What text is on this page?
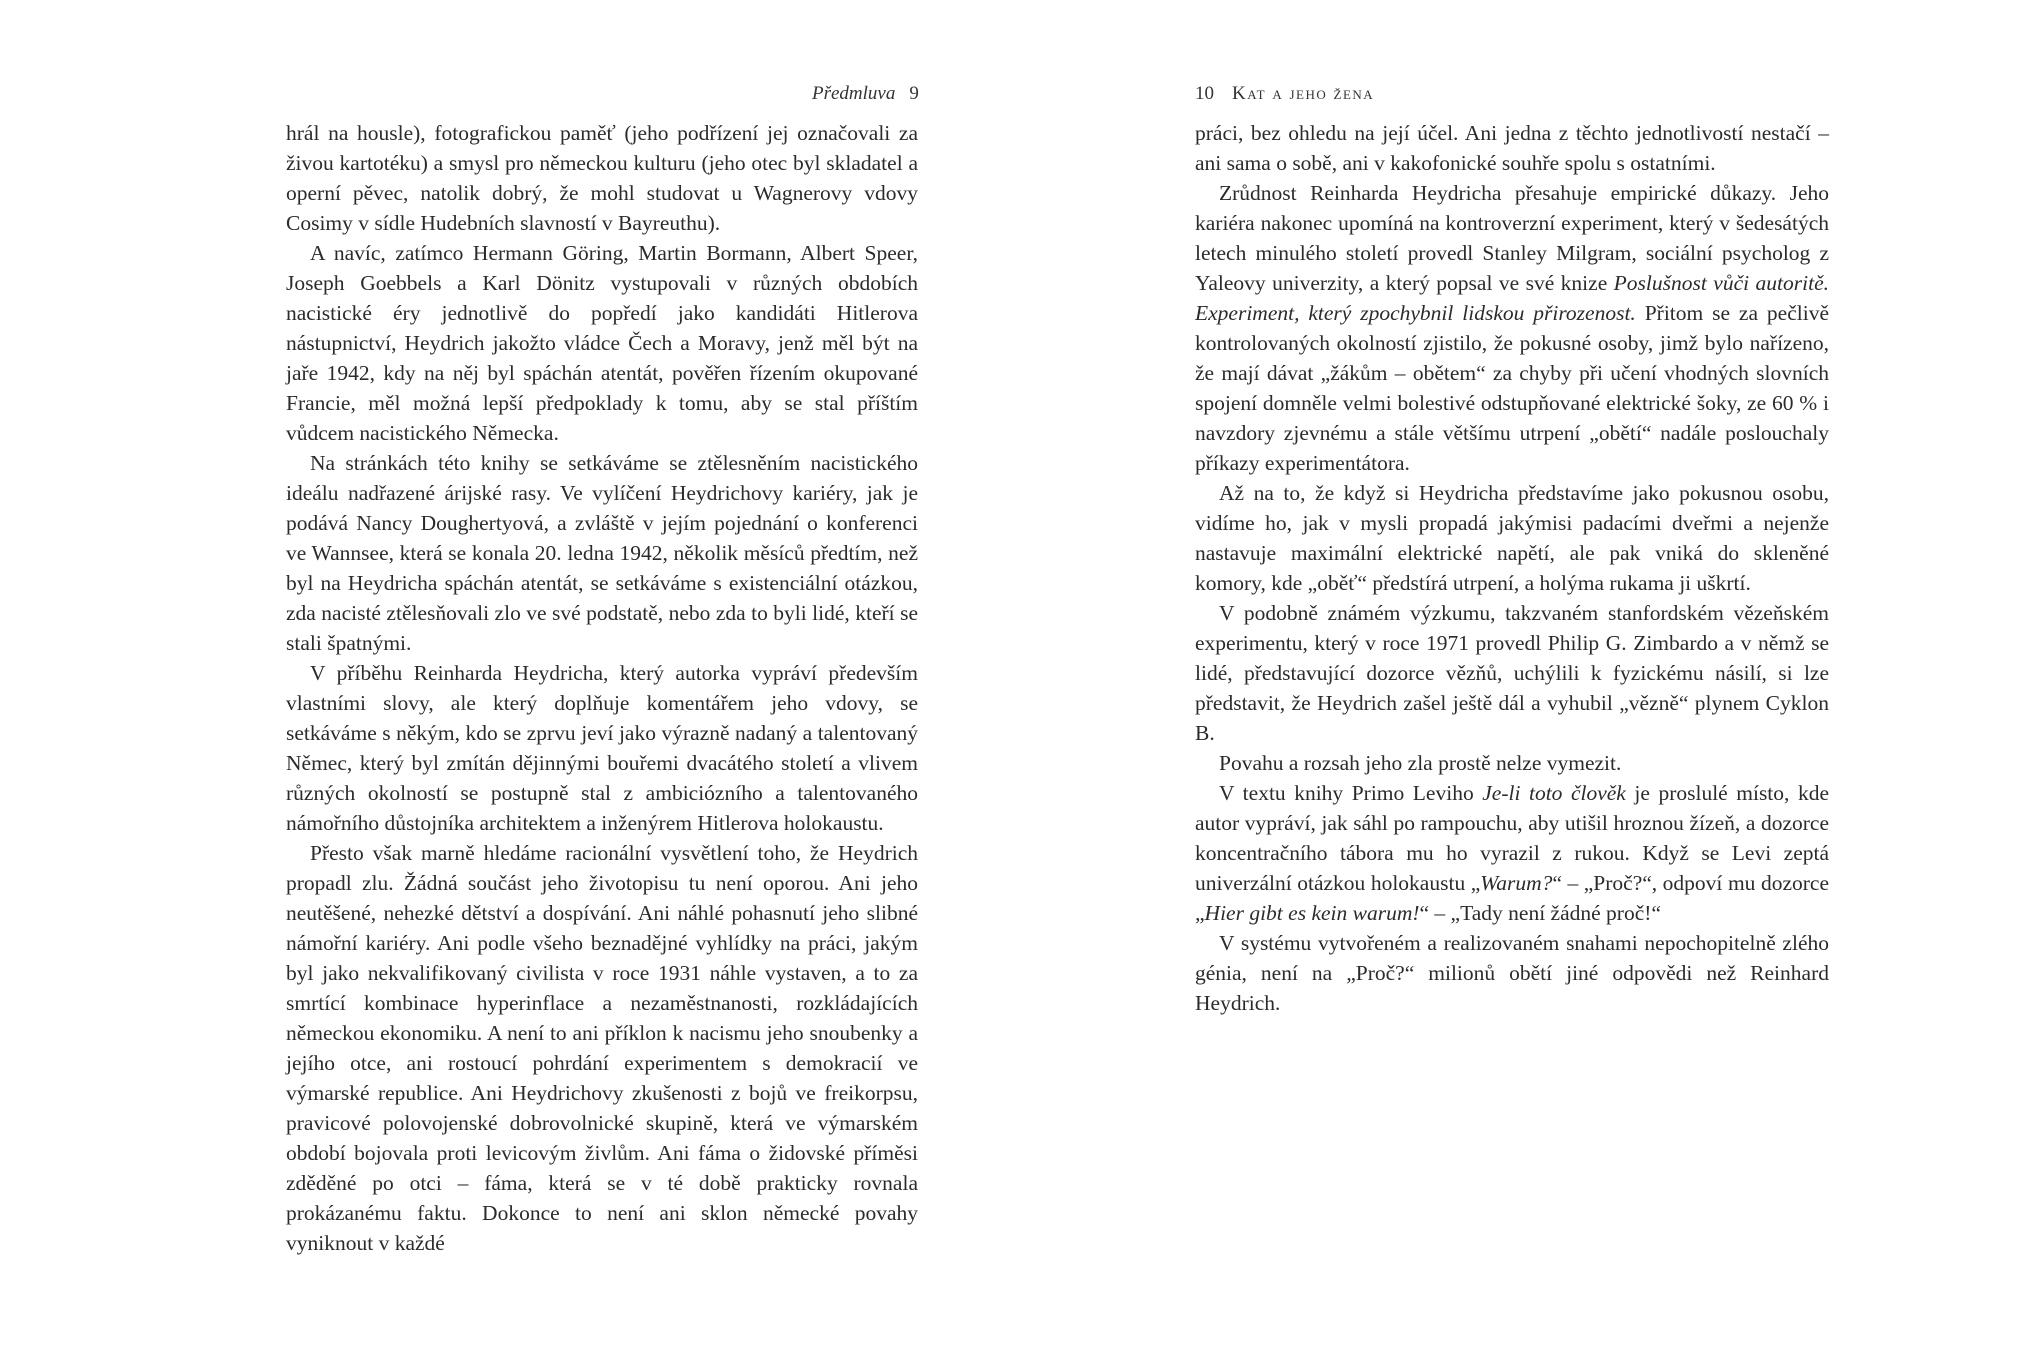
Předmluva 9

hrál na housle), fotografickou paměť (jeho podřízení jej označovali za živou kartotéku) a smysl pro německou kulturu (jeho otec byl skladatel a operní pěvec, natolik dobrý, že mohl studovat u Wagnerovy vdovy Cosimy v sídle Hudebních slavností v Bayreuthu).

A navíc, zatímco Hermann Göring, Martin Bormann, Albert Speer, Joseph Goebbels a Karl Dönitz vystupovali v různých obdobích nacistické éry jednotlivě do popředí jako kandidáti Hitlerova nástupnictví, Heydrich jakožto vládce Čech a Moravy, jenž měl být na jaře 1942, kdy na něj byl spáchán atentát, pověřen řízením okupované Francie, měl možná lepší předpoklady k tomu, aby se stal příštím vůdcem nacistického Německa.

Na stránkách této knihy se setkáváme se ztělesněním nacistického ideálu nadřazené árijské rasy. Ve vylíčení Heydrichovy kariéry, jak je podává Nancy Doughertyová, a zvláště v jejím pojednání o konferenci ve Wannsee, která se konala 20. ledna 1942, několik měsíců předtím, než byl na Heydricha spáchán atentát, se setkáváme s existenciální otázkou, zda nacisté ztělesňovali zlo ve své podstatě, nebo zda to byli lidé, kteří se stali špatnými.

V příběhu Reinharda Heydricha, který autorka vypráví především vlastními slovy, ale který doplňuje komentářem jeho vdovy, se setkáváme s někým, kdo se zprvu jeví jako výrazně nadaný a talentovaný Němec, který byl zmítán dějinnými bouřemi dvacátého století a vlivem různých okolností se postupně stal z ambiciózního a talentovaného námořního důstojníka architektem a inženýrem Hitlerova holokaustu.

Přesto však marně hledáme racionální vysvětlení toho, že Heydrich propadl zlu. Žádná součást jeho životopisu tu není oporou. Ani jeho neutěšené, nehezké dětství a dospívání. Ani náhlé pohasnutí jeho slibné námořní kariéry. Ani podle všeho beznadějné vyhlídky na práci, jakým byl jako nekvalifikovaný civilista v roce 1931 náhle vystaven, a to za smrtící kombinace hyperinflace a nezaměstnanosti, rozkládajících německou ekonomiku. A není to ani příklon k nacismu jeho snoubenky a jejího otce, ani rostoucí pohrdání experimentem s demokracií ve výmarské republice. Ani Heydrichovy zkušenosti z bojů ve freikorpsu, pravicové polovojenské dobrovolnické skupině, která ve výmarském období bojovala proti levicovým živlům. Ani fáma o židovské příměsi zděděné po otci – fáma, která se v té době prakticky rovnala prokázanému faktu. Dokonce to není ani sklon německé povahy vyniknout v každé

10 Kat a jeho žena

práci, bez ohledu na její účel. Ani jedna z těchto jednotlivostí nestačí – ani sama o sobě, ani v kakofonické souhře spolu s ostatními.

Zrůdnost Reinharda Heydricha přesahuje empirické důkazy. Jeho kariéra nakonec upomíná na kontroverzní experiment, který v šedesátých letech minulého století provedl Stanley Milgram, sociální psycholog z Yaleovy univerzity, a který popsal ve své knize Poslušnost vůči autoritě. Experiment, který zpochybnil lidskou přirozenost. Přitom se za pečlivě kontrolovaných okolností zjistilo, že pokusné osoby, jimž bylo nařízeno, že mají dávat „žákům – obětem“ za chyby při učení vhodných slovních spojení domněle velmi bolestivé odstupňované elektrické šoky, ze 60 % i navzdory zjevnému a stále většímu utrpení „obětí“ nadále poslouchaly příkazy experimentátora.

Až na to, že když si Heydricha představíme jako pokusnou osobu, vidíme ho, jak v mysli propadá jakýmisi padacími dveřmi a nejenže nastavuje maximální elektrické napětí, ale pak vniká do skleněné komory, kde „oběť“ předstírá utrpení, a holýma rukama ji uškrtí.

V podobně známém výzkumu, takzvaném stanfordském vězeňském experimentu, který v roce 1971 provedl Philip G. Zimbardo a v němž se lidé, představující dozorce vězňů, uchýlili k fyzickému násilí, si lze představit, že Heydrich zašel ještě dál a vyhubil „vězně“ plynem Cyklon B.

Povahu a rozsah jeho zla prostě nelze vymezit.

V textu knihy Primo Leviho Je-li toto člověk je proslulé místo, kde autor vypráví, jak sáhl po rampouchu, aby utišil hroznou žízeň, a dozorce koncentračního tábora mu ho vyrazil z rukou. Když se Levi zeptá univerzální otázkou holokaustu „Warum?“ – „Proč?“, odpoví mu dozorce „Hier gibt es kein warum!“ – „Tady není žádné proč!“

V systému vytvořeném a realizovaném snahami nepochopitelně zlého génia, není na „Proč?“ milionů obětí jiné odpovědi než Reinhard Heydrich.
